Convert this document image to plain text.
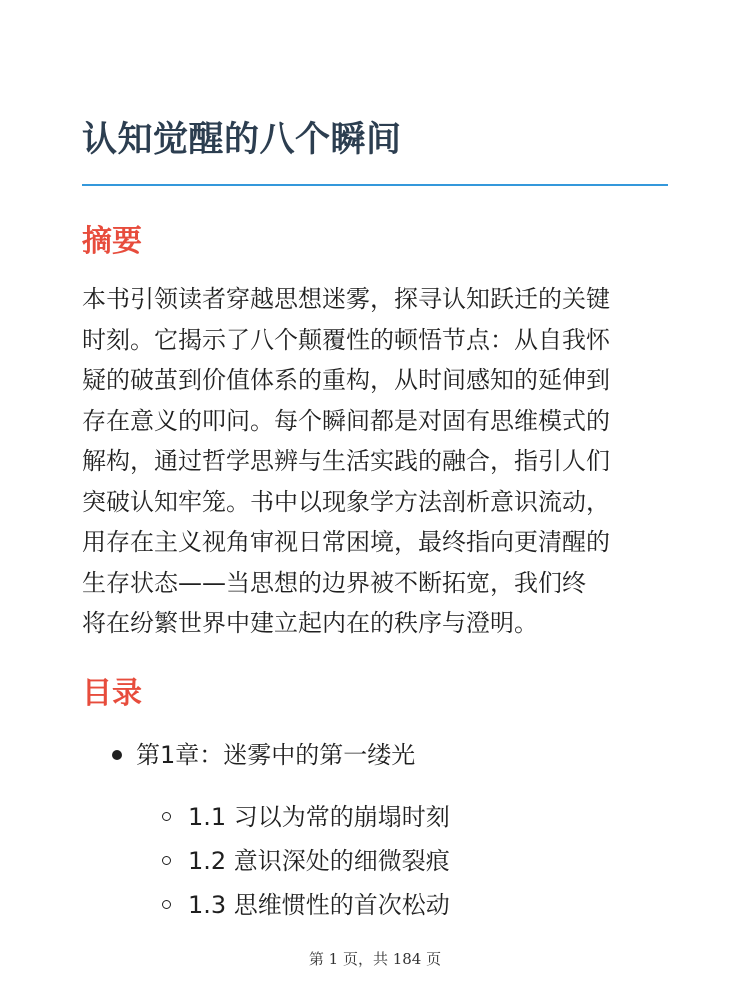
认知觉醒的八个瞬间
摘要

本书引领读者穿越思想迷雾，探寻认知跃迁的关键
时刻。它揭示了八个颠覆性的顿悟节点：从自我怀
疑的破茧到价值体系的重构，从时间感知的延伸到
存在意义的叩问。每个瞬间都是对固有思维模式的
解构，通过哲学思辨与生活实践的融合，指引人们
突破认知牢笼。书中以现象学方法剖析意识流动，
用存在主义视角审视日常困境，最终指向更清醒的
生存状态——当思想的边界被不断拓宽，我们终
将在纷繁世界中建立起内在的秩序与澄明。

目录
第1章：迷雾中的第一缕光
1.1 习以为常的崩塌时刻
1.2 意识深处的细微裂痕
1.3 思维惯性的首次松动
第 1 页，共 184 页
